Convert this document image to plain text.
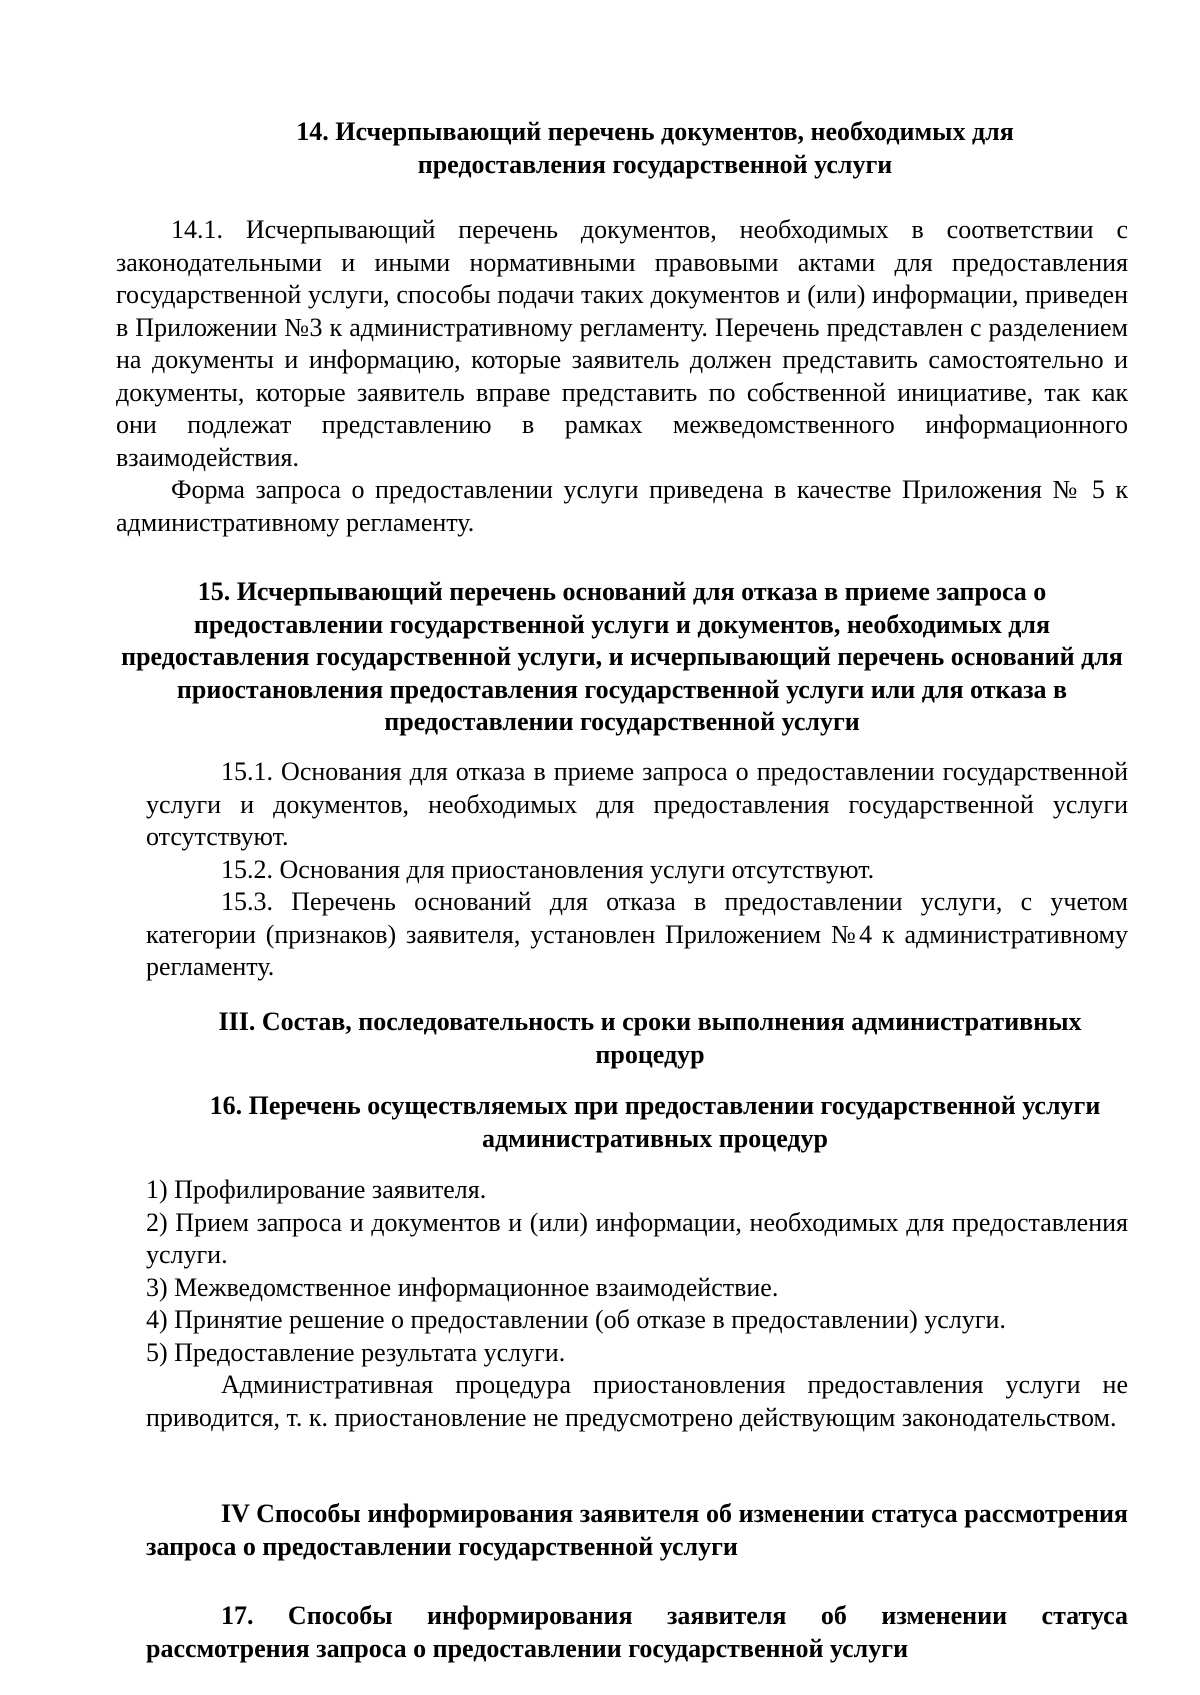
14. Исчерпывающий перечень документов, необходимых для предоставления государственной услуги

14.1. Исчерпывающий перечень документов, необходимых в соответствии с законодательными и иными нормативными правовыми актами для предоставления государственной услуги, способы подачи таких документов и (или) информации, приведен в Приложении №3 к административному регламенту. Перечень представлен с разделением на документы и информацию, которые заявитель должен представить самостоятельно и документы, которые заявитель вправе представить по собственной инициативе, так как они подлежат представлению в рамках межведомственного информационного взаимодействия.

Форма запроса о предоставлении услуги приведена в качестве Приложения № 5 к административному регламенту.

15. Исчерпывающий перечень оснований для отказа в приеме запроса о предоставлении государственной услуги и документов, необходимых для предоставления государственной услуги, и исчерпывающий перечень оснований для приостановления предоставления государственной услуги или для отказа в предоставлении государственной услуги

15.1. Основания для отказа в приеме запроса о предоставлении государственной услуги и документов, необходимых для предоставления государственной услуги отсутствуют.

15.2. Основания для приостановления услуги отсутствуют.

15.3. Перечень оснований для отказа в предоставлении услуги, с учетом категории (признаков) заявителя, установлен Приложением №4 к административному регламенту.

III. Состав, последовательность и сроки выполнения административных процедур
16. Перечень осуществляемых при предоставлении государственной услуги административных процедур

1) Профилирование заявителя.

2) Прием запроса и документов и (или) информации, необходимых для предоставления услуги.

3) Межведомственное информационное взаимодействие.

4) Принятие решение о предоставлении (об отказе в предоставлении) услуги.

5) Предоставление результата услуги.

Административная процедура приостановления предоставления услуги не приводится, т. к. приостановление не предусмотрено действующим законодательством.

IV Способы информирования заявителя об изменении статуса рассмотрения запроса о предоставлении государственной услуги
17. Способы информирования заявителя об изменении статуса рассмотрения запроса о предоставлении государственной услуги
